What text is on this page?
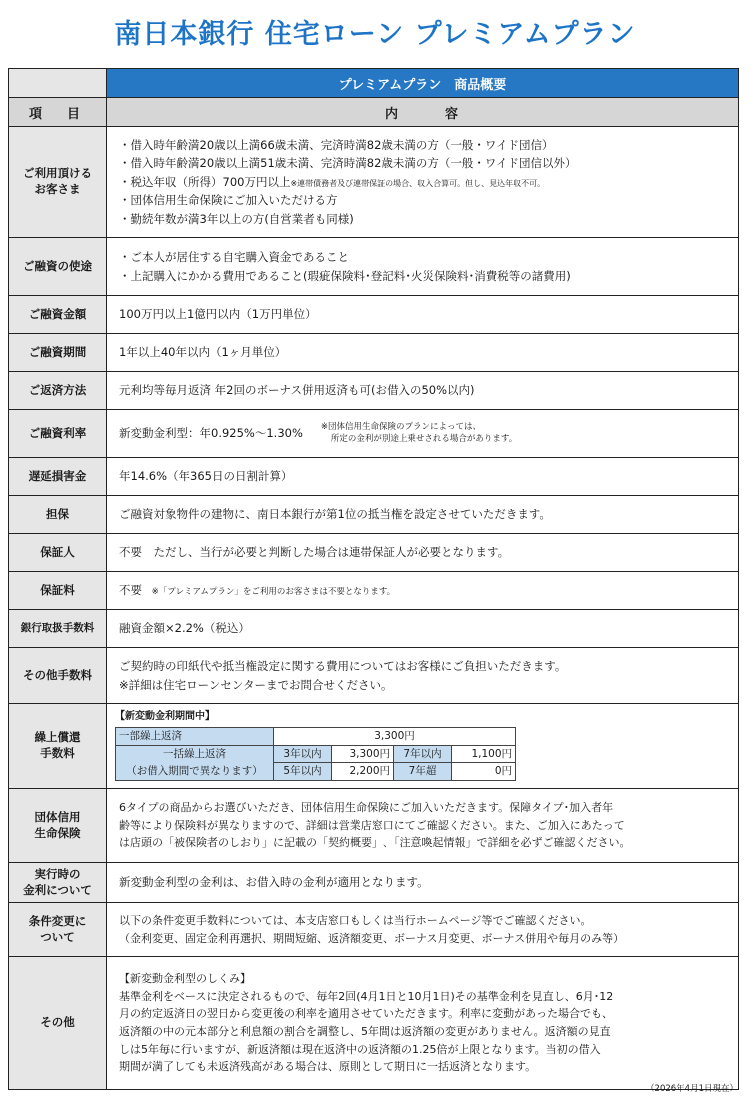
南日本銀行 住宅ローン プレミアムプラン
	プレミアムプラン　商品概要
項　目	内　　　容
ご利用頂ける
お客さま	
・借入時年齢満20歳以上満66歳未満、完済時満82歳未満の方（一般・ワイド団信）
・借入時年齢満20歳以上満51歳未満、完済時満82歳未満の方（一般・ワイド団信以外）
・税込年収（所得）700万円以上※連帯債務者及び連帯保証の場合、収入合算可。但し、見込年収不可。
・団体信用生命保険にご加入いただける方
・勤続年数が満3年以上の方(自営業者も同様)

ご融資の使途	
・ご本人が居住する自宅購入資金であること
・上記購入にかかる費用であること(瑕疵保険料･登記料･火災保険料･消費税等の諸費用)

ご融資金額	100万円以上1億円以内（1万円単位）
ご融資期間	1年以上40年以内（1ヶ月単位）
ご返済方法	元利均等毎月返済 年2回のボーナス併用返済も可(お借入の50%以内)
ご融資利率	新変動金利型：年0.925%～1.30% ※団体信用生命保険のプランによっては、
所定の金利が別途上乗せされる場合があります。

遅延損害金	年14.6%（年365日の日割計算）
担保	ご融資対象物件の建物に、南日本銀行が第1位の抵当権を設定させていただきます。
保証人	不要　ただし、当行が必要と判断した場合は連帯保証人が必要となります。
保証料	不要 ※「プレミアムプラン」をご利用のお客さまは不要となります。
銀行取扱手数料	融資金額×2.2%（税込）
その他手数料	
ご契約時の印紙代や抵当権設定に関する費用についてはお客様にご負担いただきます。
※詳細は住宅ローンセンターまでお問合せください。

繰上償還
手数料	
【新変動金利期間中】
一部繰上返済	3,300円

一括繰上返済
（お借入期間で異なります）
	3年以内	3,300円	7年以内	1,100円
5年以内	2,200円	7年超	0円

団体信用
生命保険	
6タイプの商品からお選びいただき、団体信用生命保険にご加入いただきます。保障タイプ･加入者年
齢等により保険料が異なりますので、詳細は営業店窓口にてご確認ください。また、ご加入にあたって
は店頭の「被保険者のしおり」に記載の「契約概要」､「注意喚起情報」で詳細を必ずご確認ください。

実行時の
金利について	新変動金利型の金利は、お借入時の金利が適用となります。
条件変更に
ついて	
以下の条件変更手数料については、本支店窓口もしくは当行ホームページ等でご確認ください。
（金利変更、固定金利再選択、期間短縮、返済額変更、ボーナス月変更、ボーナス併用や毎月のみ等）

その他	
【新変動金利型のしくみ】
基準金利をベースに決定されるもので、毎年2回(4月1日と10月1日)その基準金利を見直し、6月･12
月の約定返済日の翌日から変更後の利率を適用させていただきます。利率に変動があった場合でも、
返済額の中の元本部分と利息額の割合を調整し、5年間は返済額の変更がありません。返済額の見直
しは5年毎に行いますが、新返済額は現在返済中の返済額の1.25倍が上限となります。当初の借入
期間が満了しても未返済残高がある場合は、原則として期日に一括返済となります。
（2026年4月1日現在）
